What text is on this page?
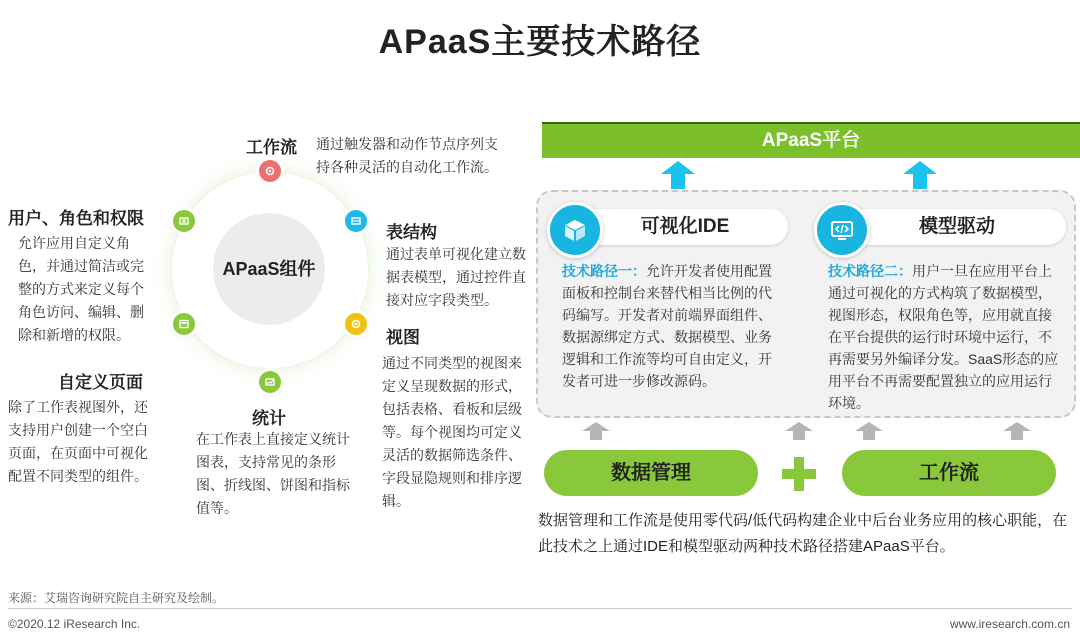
APaaS主要技术路径
APaaS组件
工作流 通过触发器和动作节点序列支持各种灵活的自动化工作流。
用户、角色和权限
允许应用自定义角色，并通过简洁或完整的方式来定义每个角色访问、编辑、删除和新增的权限。
自定义页面
除了工作表视图外，还支持用户创建一个空白页面，在页面中可视化配置不同类型的组件。
表结构
通过表单可视化建立数据表模型，通过控件直接对应字段类型。
视图
通过不同类型的视图来定义呈现数据的形式，包括表格、看板和层级等。每个视图均可定义灵活的数据筛选条件、字段显隐规则和排序逻辑。
统计
在工作表上直接定义统计图表，支持常见的条形图、折线图、饼图和指标值等。
APaaS平台
可视化IDE	模型驱动
技术路径一：允许开发者使用配置面板和控制台来替代相当比例的代码编写。开发者对前端界面组件、数据源绑定方式、数据模型、业务逻辑和工作流等均可自由定义，开发者可进一步修改源码。
技术路径二：用户一旦在应用平台上通过可视化的方式构筑了数据模型，视图形态，权限角色等，应用就直接在平台提供的运行时环境中运行，不再需要另外编译分发。SaaS形态的应用平台不再需要配置独立的应用运行环境。
数据管理	工作流
数据管理和工作流是使用零代码/低代码构建企业中后台业务应用的核心职能，在此技术之上通过IDE和模型驱动两种技术路径搭建APaaS平台。
来源：艾瑞咨询研究院自主研究及绘制。
©2020.12 iResearch Inc.	www.iresearch.com.cn
